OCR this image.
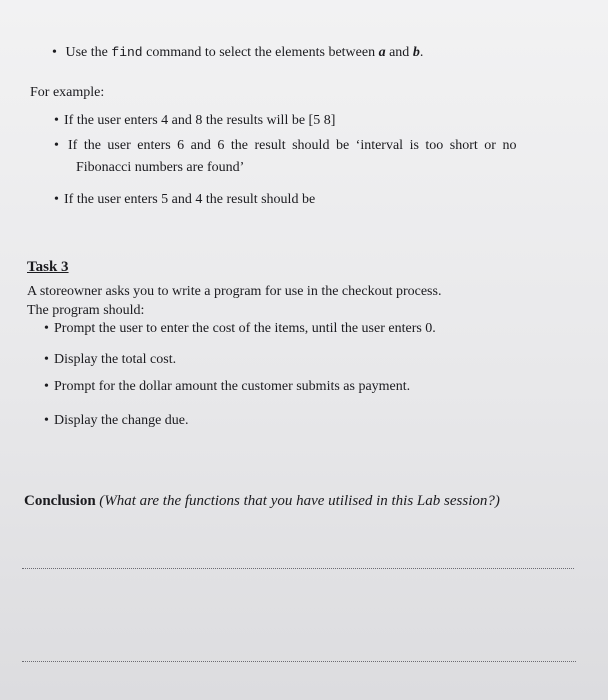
• Use the find command to select the elements between a and b.
For example:
• If the user enters 4 and 8 the results will be [5 8]
• If the user enters 6 and 6 the result should be ‘interval is too short or no
Fibonacci numbers are found’
• If the user enters 5 and 4 the result should be
Task 3
A storeowner asks you to write a program for use in the checkout process.
The program should:
• Prompt the user to enter the cost of the items, until the user enters 0.
• Display the total cost.
• Prompt for the dollar amount the customer submits as payment.
• Display the change due.
Conclusion (What are the functions that you have utilised in this Lab session?)
